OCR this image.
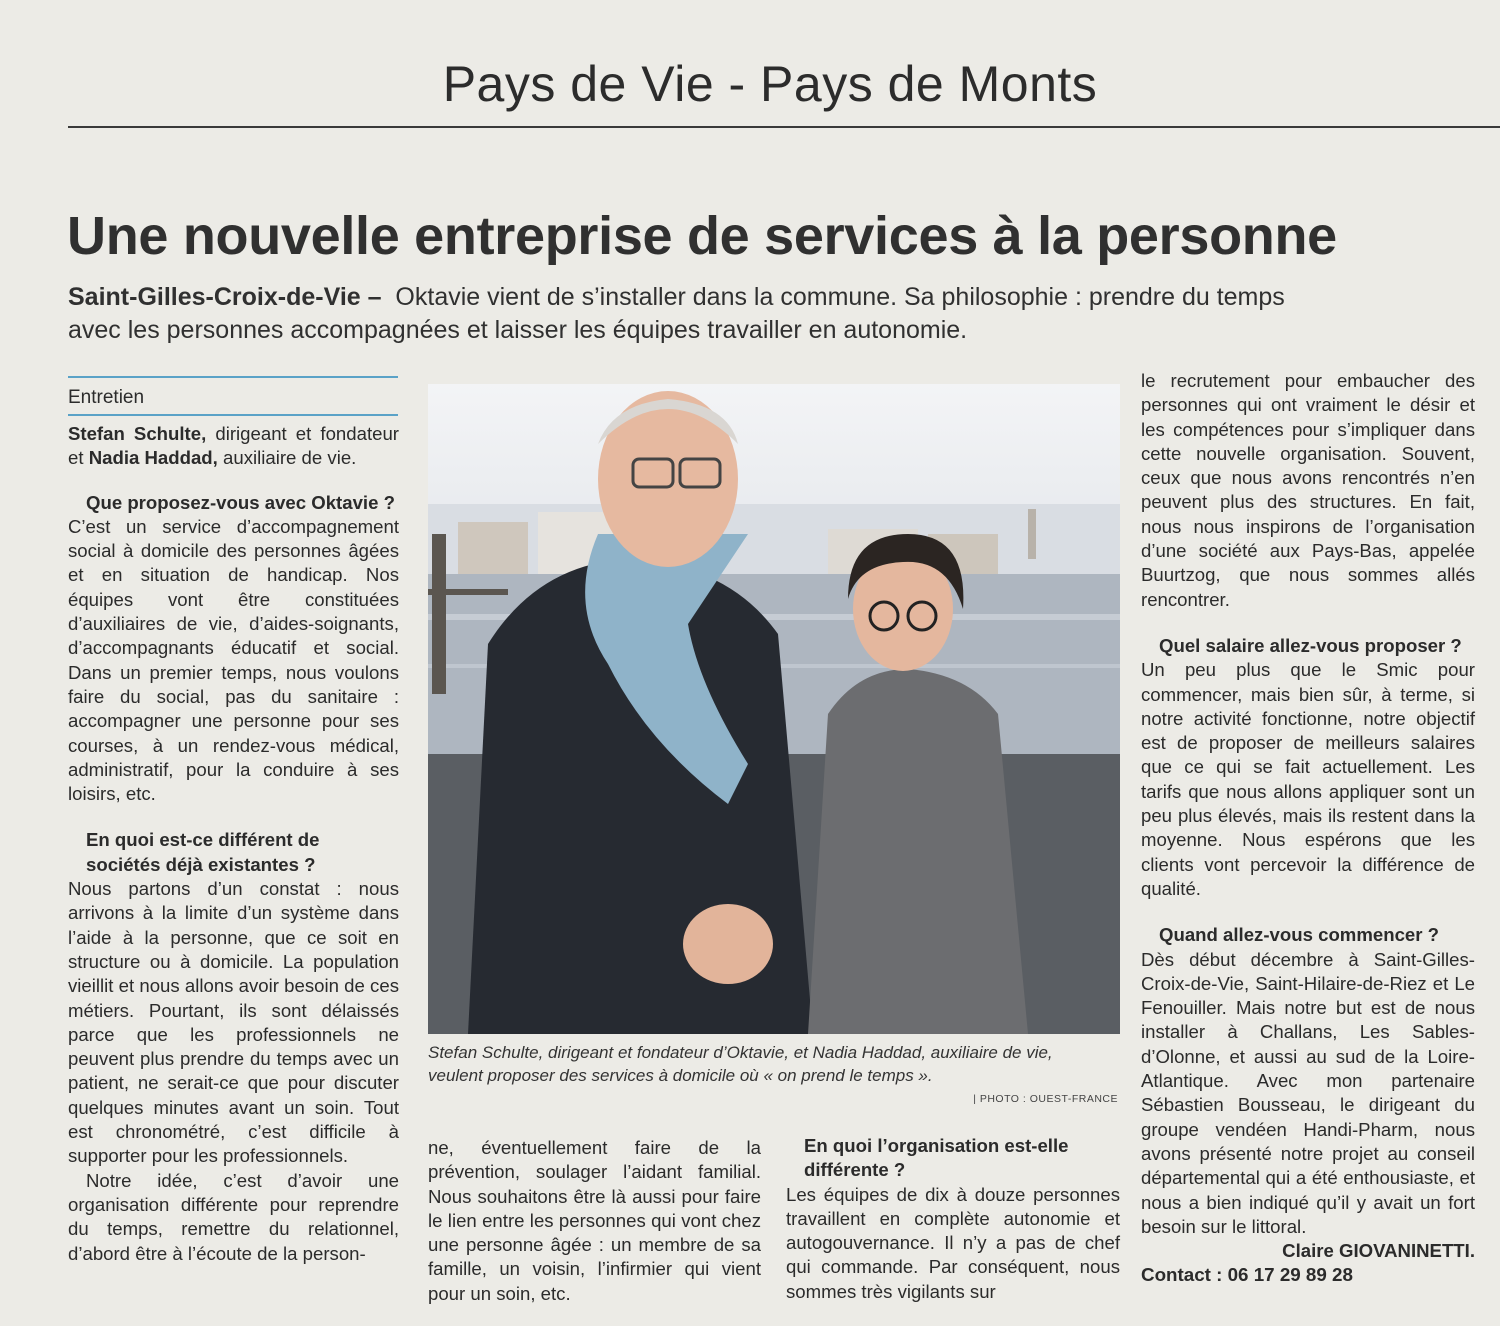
Pays de Vie - Pays de Monts
Une nouvelle entreprise de services à la personne
Saint-Gilles-Croix-de-Vie – Oktavie vient de s’installer dans la commune. Sa philosophie : prendre du temps avec les personnes accompagnées et laisser les équipes travailler en autonomie.
Entretien

Stefan Schulte, dirigeant et fondateur et Nadia Haddad, auxiliaire de vie.

Que proposez-vous avec Oktavie ?

C’est un service d’accompagnement social à domicile des personnes âgées et en situation de handicap. Nos équipes vont être constituées d’auxiliaires de vie, d’aides-soignants, d’accompagnants éducatif et social. Dans un premier temps, nous voulons faire du social, pas du sanitaire : accompagner une personne pour ses courses, à un rendez-vous médical, administratif, pour la conduire à ses loisirs, etc.

En quoi est-ce différent de sociétés déjà existantes ?

Nous partons d’un constat : nous arrivons à la limite d’un système dans l’aide à la personne, que ce soit en structure ou à domicile. La population vieillit et nous allons avoir besoin de ces métiers. Pourtant, ils sont délaissés parce que les professionnels ne peuvent plus prendre du temps avec un patient, ne serait-ce que pour discuter quelques minutes avant un soin. Tout est chronométré, c’est difficile à supporter pour les professionnels.

Notre idée, c’est d’avoir une organisation différente pour reprendre du temps, remettre du relationnel, d’abord être à l’écoute de la person-

Stefan Schulte, dirigeant et fondateur d’Oktavie, et Nadia Haddad, auxiliaire de vie, veulent proposer des services à domicile où « on prend le temps ».
| PHOTO : OUEST-FRANCE

ne, éventuellement faire de la prévention, soulager l’aidant familial. Nous souhaitons être là aussi pour faire le lien entre les personnes qui vont chez une personne âgée : un membre de sa famille, un voisin, l’infirmier qui vient pour un soin, etc.

En quoi l’organisation est-elle différente ?

Les équipes de dix à douze personnes travaillent en complète autonomie et autogouvernance. Il n’y a pas de chef qui commande. Par conséquent, nous sommes très vigilants sur

le recrutement pour embaucher des personnes qui ont vraiment le désir et les compétences pour s’impliquer dans cette nouvelle organisation. Souvent, ceux que nous avons rencontrés n’en peuvent plus des structures. En fait, nous nous inspirons de l’organisation d’une société aux Pays-Bas, appelée Buurtzog, que nous sommes allés rencontrer.

Quel salaire allez-vous proposer ?

Un peu plus que le Smic pour commencer, mais bien sûr, à terme, si notre activité fonctionne, notre objectif est de proposer de meilleurs salaires que ce qui se fait actuellement. Les tarifs que nous allons appliquer sont un peu plus élevés, mais ils restent dans la moyenne. Nous espérons que les clients vont percevoir la différence de qualité.

Quand allez-vous commencer ?

Dès début décembre à Saint-Gilles-Croix-de-Vie, Saint-Hilaire-de-Riez et Le Fenouiller. Mais notre but est de nous installer à Challans, Les Sables-d’Olonne, et aussi au sud de la Loire-Atlantique. Avec mon partenaire Sébastien Bousseau, le dirigeant du groupe vendéen Handi-Pharm, nous avons présenté notre projet au conseil départemental qui a été enthousiaste, et nous a bien indiqué qu’il y avait un fort besoin sur le littoral.

Claire GIOVANINETTI.

Contact : 06 17 29 89 28
